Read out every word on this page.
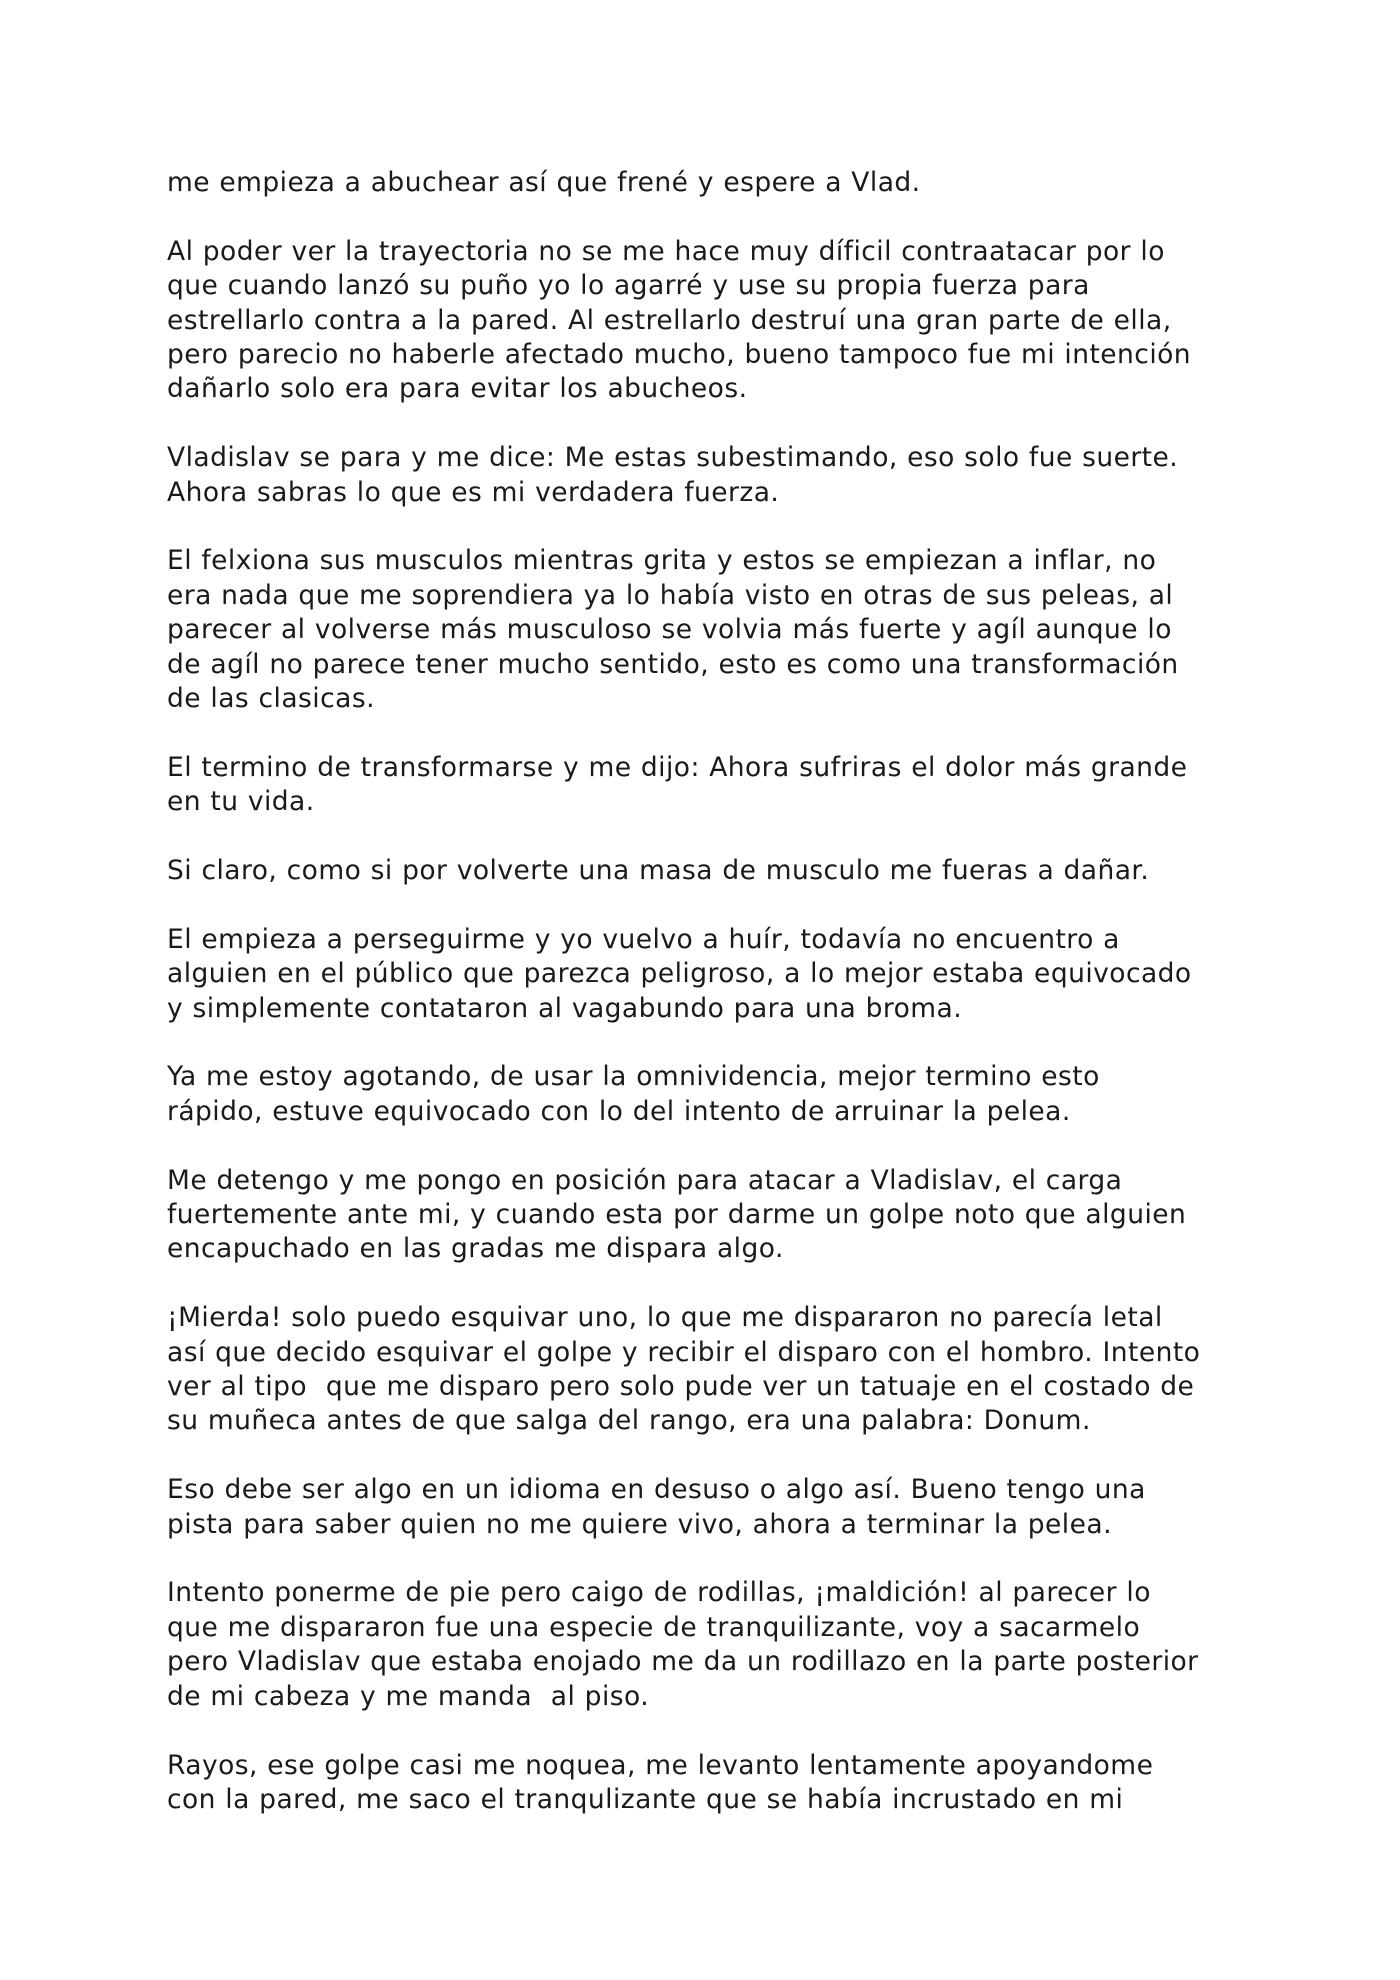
me empieza a abuchear así que frené y espere a Vlad.

Al poder ver la trayectoria no se me hace muy díficil contraatacar por lo
que cuando lanzó su puño yo lo agarré y use su propia fuerza para
estrellarlo contra a la pared. Al estrellarlo destruí una gran parte de ella,
pero parecio no haberle afectado mucho, bueno tampoco fue mi intención
dañarlo solo era para evitar los abucheos.

Vladislav se para y me dice: Me estas subestimando, eso solo fue suerte.
Ahora sabras lo que es mi verdadera fuerza.

El felxiona sus musculos mientras grita y estos se empiezan a inflar, no
era nada que me soprendiera ya lo había visto en otras de sus peleas, al
parecer al volverse más musculoso se volvia más fuerte y agíl aunque lo
de agíl no parece tener mucho sentido, esto es como una transformación
de las clasicas.

El termino de transformarse y me dijo: Ahora sufriras el dolor más grande
en tu vida.

Si claro, como si por volverte una masa de musculo me fueras a dañar.

El empieza a perseguirme y yo vuelvo a huír, todavía no encuentro a
alguien en el público que parezca peligroso, a lo mejor estaba equivocado
y simplemente contataron al vagabundo para una broma.

Ya me estoy agotando, de usar la omnividencia, mejor termino esto
rápido, estuve equivocado con lo del intento de arruinar la pelea.

Me detengo y me pongo en posición para atacar a Vladislav, el carga
fuertemente ante mi, y cuando esta por darme un golpe noto que alguien
encapuchado en las gradas me dispara algo.

¡Mierda! solo puedo esquivar uno, lo que me dispararon no parecía letal
así que decido esquivar el golpe y recibir el disparo con el hombro. Intento
ver al tipo  que me disparo pero solo pude ver un tatuaje en el costado de
su muñeca antes de que salga del rango, era una palabra: Donum.

Eso debe ser algo en un idioma en desuso o algo así. Bueno tengo una
pista para saber quien no me quiere vivo, ahora a terminar la pelea.

Intento ponerme de pie pero caigo de rodillas, ¡maldición! al parecer lo
que me dispararon fue una especie de tranquilizante, voy a sacarmelo
pero Vladislav que estaba enojado me da un rodillazo en la parte posterior
de mi cabeza y me manda  al piso.

Rayos, ese golpe casi me noquea, me levanto lentamente apoyandome
con la pared, me saco el tranqulizante que se había incrustado en mi
